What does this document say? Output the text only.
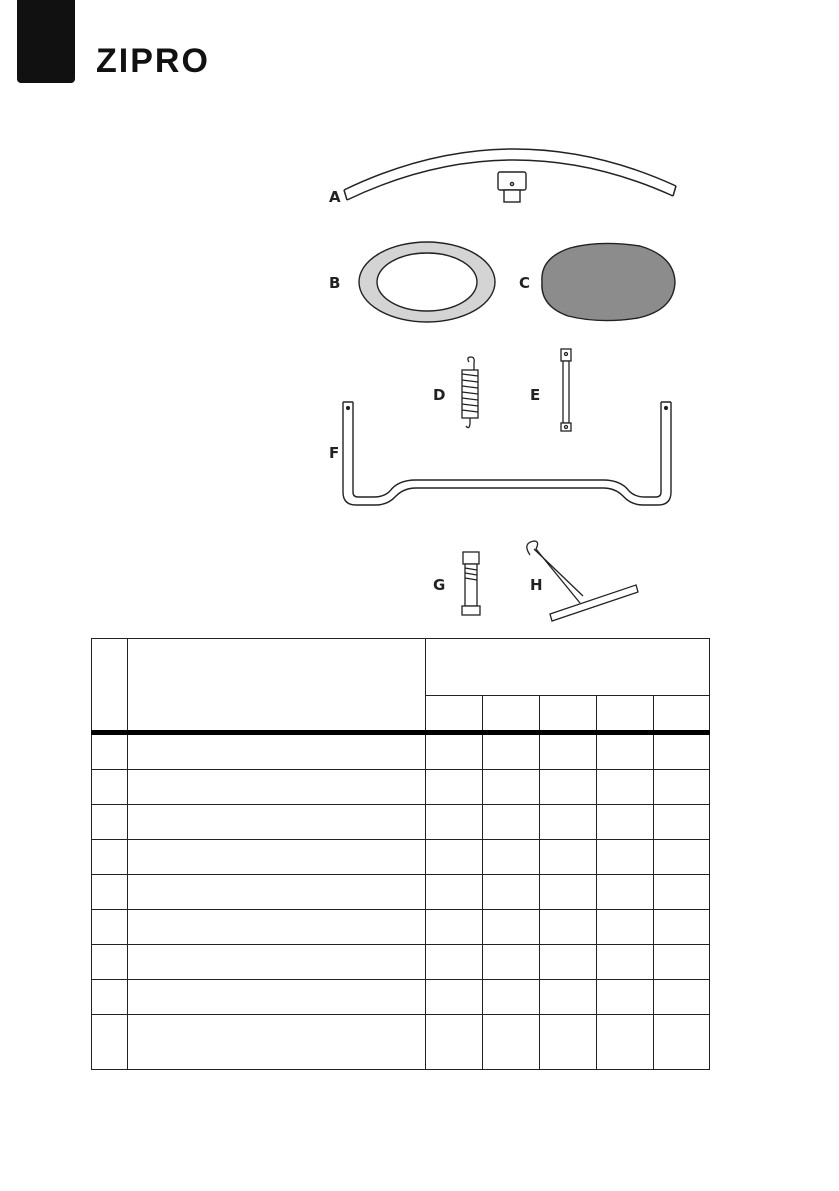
ZIPRO
A
B	C
D	E
F
G	H
